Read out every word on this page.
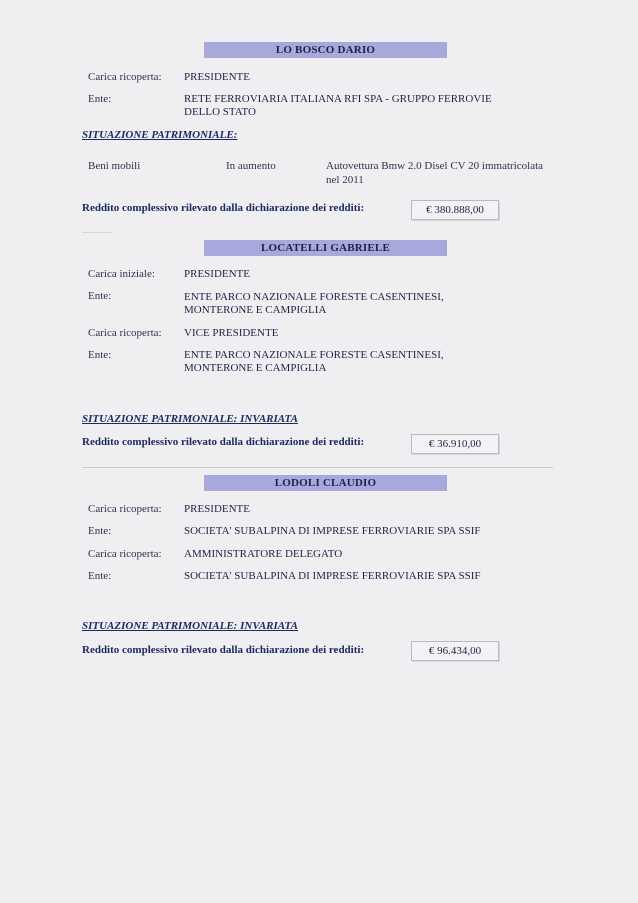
LO BOSCO DARIO
Carica ricoperta: PRESIDENTE
Ente:	RETE FERROVIARIA ITALIANA RFI SPA - GRUPPO FERROVIE
DELLO STATO
SITUAZIONE PATRIMONIALE:
Beni mobili	In aumento	Autovettura Bmw 2.0 Disel CV 20 immatricolata
nel 2011
Reddito complessivo rilevato dalla dichiarazione dei redditi:	€ 380.888,00
LOCATELLI GABRIELE
Carica iniziale:	PRESIDENTE
Ente:	ENTE PARCO NAZIONALE FORESTE CASENTINESI,
MONTERONE E CAMPIGLIA
Carica ricoperta: VICE PRESIDENTE
Ente:	ENTE PARCO NAZIONALE FORESTE CASENTINESI,
MONTERONE E CAMPIGLIA
SITUAZIONE PATRIMONIALE: INVARIATA
Reddito complessivo rilevato dalla dichiarazione dei redditi:	€ 36.910,00
LODOLI CLAUDIO
Carica ricoperta: PRESIDENTE
Ente:	SOCIETA' SUBALPINA DI IMPRESE FERROVIARIE SPA SSIF
Carica ricoperta: AMMINISTRATORE DELEGATO
Ente:	SOCIETA' SUBALPINA DI IMPRESE FERROVIARIE SPA SSIF
SITUAZIONE PATRIMONIALE: INVARIATA
Reddito complessivo rilevato dalla dichiarazione dei redditi:	€ 96.434,00
